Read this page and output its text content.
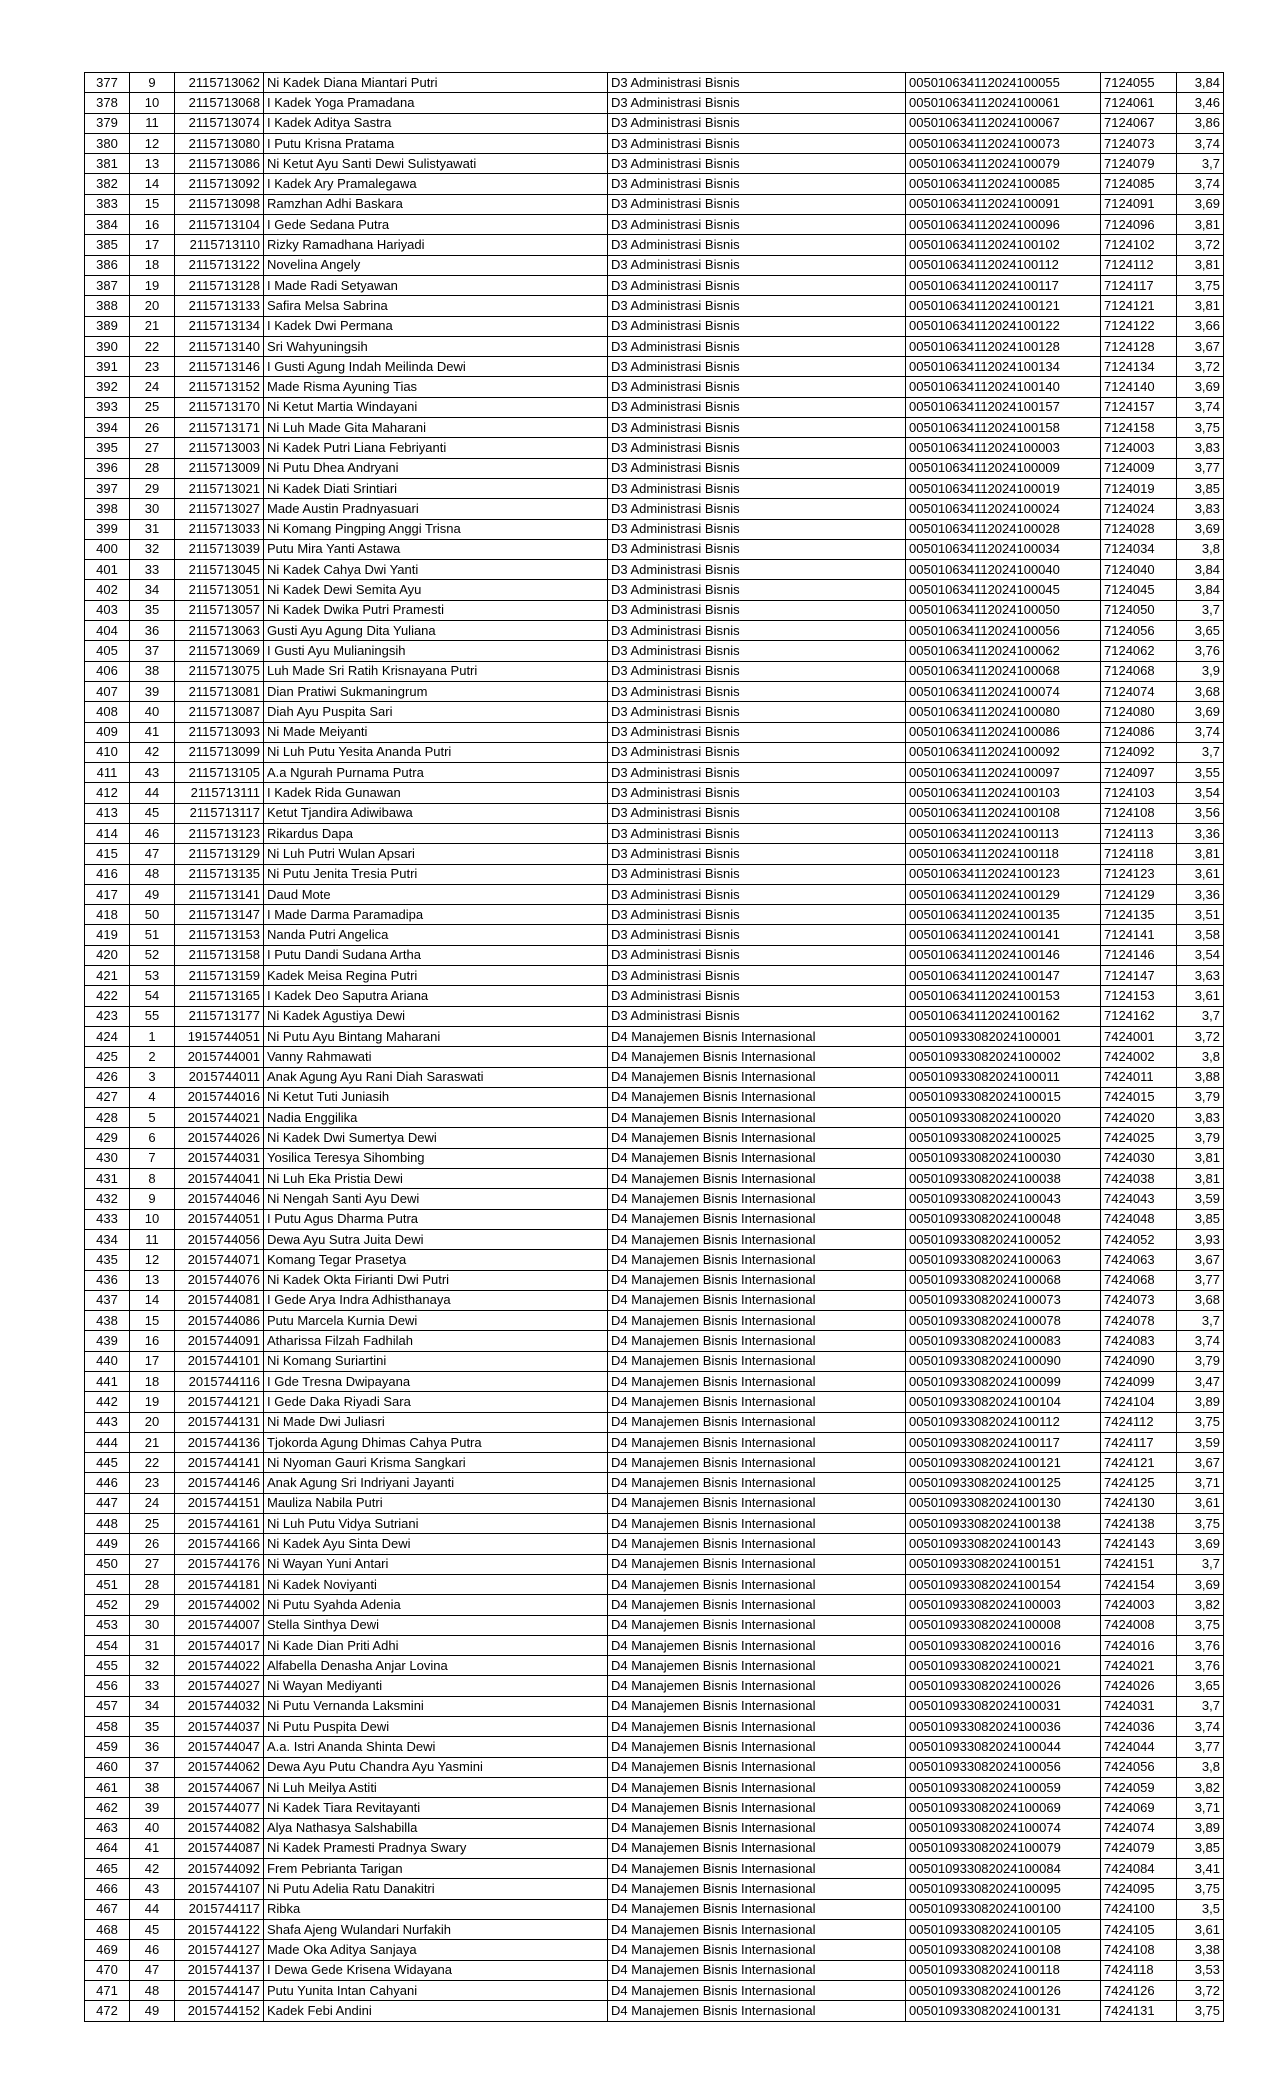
377	9	2115713062	Ni Kadek Diana Miantari Putri	D3 Administrasi Bisnis	005010634112024100055	7124055	3,84
378	10	2115713068	I Kadek Yoga Pramadana	D3 Administrasi Bisnis	005010634112024100061	7124061	3,46
379	11	2115713074	I Kadek Aditya Sastra	D3 Administrasi Bisnis	005010634112024100067	7124067	3,86
380	12	2115713080	I Putu Krisna Pratama	D3 Administrasi Bisnis	005010634112024100073	7124073	3,74
381	13	2115713086	Ni Ketut Ayu Santi Dewi Sulistyawati	D3 Administrasi Bisnis	005010634112024100079	7124079	3,7
382	14	2115713092	I Kadek Ary Pramalegawa	D3 Administrasi Bisnis	005010634112024100085	7124085	3,74
383	15	2115713098	Ramzhan Adhi Baskara	D3 Administrasi Bisnis	005010634112024100091	7124091	3,69
384	16	2115713104	I Gede Sedana Putra	D3 Administrasi Bisnis	005010634112024100096	7124096	3,81
385	17	2115713110	Rizky Ramadhana Hariyadi	D3 Administrasi Bisnis	005010634112024100102	7124102	3,72
386	18	2115713122	Novelina Angely	D3 Administrasi Bisnis	005010634112024100112	7124112	3,81
387	19	2115713128	I Made Radi Setyawan	D3 Administrasi Bisnis	005010634112024100117	7124117	3,75
388	20	2115713133	Safira Melsa Sabrina	D3 Administrasi Bisnis	005010634112024100121	7124121	3,81
389	21	2115713134	I Kadek Dwi Permana	D3 Administrasi Bisnis	005010634112024100122	7124122	3,66
390	22	2115713140	Sri Wahyuningsih	D3 Administrasi Bisnis	005010634112024100128	7124128	3,67
391	23	2115713146	I Gusti Agung Indah Meilinda Dewi	D3 Administrasi Bisnis	005010634112024100134	7124134	3,72
392	24	2115713152	Made Risma Ayuning Tias	D3 Administrasi Bisnis	005010634112024100140	7124140	3,69
393	25	2115713170	Ni Ketut Martia Windayani	D3 Administrasi Bisnis	005010634112024100157	7124157	3,74
394	26	2115713171	Ni Luh Made Gita Maharani	D3 Administrasi Bisnis	005010634112024100158	7124158	3,75
395	27	2115713003	Ni Kadek Putri Liana Febriyanti	D3 Administrasi Bisnis	005010634112024100003	7124003	3,83
396	28	2115713009	Ni Putu Dhea Andryani	D3 Administrasi Bisnis	005010634112024100009	7124009	3,77
397	29	2115713021	Ni Kadek Diati Srintiari	D3 Administrasi Bisnis	005010634112024100019	7124019	3,85
398	30	2115713027	Made Austin Pradnyasuari	D3 Administrasi Bisnis	005010634112024100024	7124024	3,83
399	31	2115713033	Ni Komang Pingping Anggi Trisna	D3 Administrasi Bisnis	005010634112024100028	7124028	3,69
400	32	2115713039	Putu Mira Yanti Astawa	D3 Administrasi Bisnis	005010634112024100034	7124034	3,8
401	33	2115713045	Ni Kadek Cahya Dwi Yanti	D3 Administrasi Bisnis	005010634112024100040	7124040	3,84
402	34	2115713051	Ni Kadek Dewi Semita Ayu	D3 Administrasi Bisnis	005010634112024100045	7124045	3,84
403	35	2115713057	Ni Kadek Dwika Putri Pramesti	D3 Administrasi Bisnis	005010634112024100050	7124050	3,7
404	36	2115713063	Gusti Ayu Agung Dita Yuliana	D3 Administrasi Bisnis	005010634112024100056	7124056	3,65
405	37	2115713069	I Gusti Ayu Mulianingsih	D3 Administrasi Bisnis	005010634112024100062	7124062	3,76
406	38	2115713075	Luh Made Sri Ratih Krisnayana Putri	D3 Administrasi Bisnis	005010634112024100068	7124068	3,9
407	39	2115713081	Dian Pratiwi Sukmaningrum	D3 Administrasi Bisnis	005010634112024100074	7124074	3,68
408	40	2115713087	Diah Ayu Puspita Sari	D3 Administrasi Bisnis	005010634112024100080	7124080	3,69
409	41	2115713093	Ni Made Meiyanti	D3 Administrasi Bisnis	005010634112024100086	7124086	3,74
410	42	2115713099	Ni Luh Putu Yesita Ananda Putri	D3 Administrasi Bisnis	005010634112024100092	7124092	3,7
411	43	2115713105	A.a Ngurah Purnama Putra	D3 Administrasi Bisnis	005010634112024100097	7124097	3,55
412	44	2115713111	I Kadek Rida Gunawan	D3 Administrasi Bisnis	005010634112024100103	7124103	3,54
413	45	2115713117	Ketut Tjandira Adiwibawa	D3 Administrasi Bisnis	005010634112024100108	7124108	3,56
414	46	2115713123	Rikardus Dapa	D3 Administrasi Bisnis	005010634112024100113	7124113	3,36
415	47	2115713129	Ni Luh Putri Wulan Apsari	D3 Administrasi Bisnis	005010634112024100118	7124118	3,81
416	48	2115713135	Ni Putu Jenita Tresia Putri	D3 Administrasi Bisnis	005010634112024100123	7124123	3,61
417	49	2115713141	Daud Mote	D3 Administrasi Bisnis	005010634112024100129	7124129	3,36
418	50	2115713147	I Made Darma Paramadipa	D3 Administrasi Bisnis	005010634112024100135	7124135	3,51
419	51	2115713153	Nanda Putri Angelica	D3 Administrasi Bisnis	005010634112024100141	7124141	3,58
420	52	2115713158	I Putu Dandi Sudana Artha	D3 Administrasi Bisnis	005010634112024100146	7124146	3,54
421	53	2115713159	Kadek Meisa Regina Putri	D3 Administrasi Bisnis	005010634112024100147	7124147	3,63
422	54	2115713165	I Kadek Deo Saputra Ariana	D3 Administrasi Bisnis	005010634112024100153	7124153	3,61
423	55	2115713177	Ni Kadek Agustiya Dewi	D3 Administrasi Bisnis	005010634112024100162	7124162	3,7
424	1	1915744051	Ni Putu Ayu Bintang Maharani	D4 Manajemen Bisnis Internasional	005010933082024100001	7424001	3,72
425	2	2015744001	Vanny Rahmawati	D4 Manajemen Bisnis Internasional	005010933082024100002	7424002	3,8
426	3	2015744011	Anak Agung Ayu Rani Diah Saraswati	D4 Manajemen Bisnis Internasional	005010933082024100011	7424011	3,88
427	4	2015744016	Ni Ketut Tuti Juniasih	D4 Manajemen Bisnis Internasional	005010933082024100015	7424015	3,79
428	5	2015744021	Nadia Enggilika	D4 Manajemen Bisnis Internasional	005010933082024100020	7424020	3,83
429	6	2015744026	Ni Kadek Dwi Sumertya Dewi	D4 Manajemen Bisnis Internasional	005010933082024100025	7424025	3,79
430	7	2015744031	Yosilica Teresya Sihombing	D4 Manajemen Bisnis Internasional	005010933082024100030	7424030	3,81
431	8	2015744041	Ni Luh Eka Pristia Dewi	D4 Manajemen Bisnis Internasional	005010933082024100038	7424038	3,81
432	9	2015744046	Ni Nengah Santi Ayu Dewi	D4 Manajemen Bisnis Internasional	005010933082024100043	7424043	3,59
433	10	2015744051	I Putu Agus Dharma Putra	D4 Manajemen Bisnis Internasional	005010933082024100048	7424048	3,85
434	11	2015744056	Dewa Ayu Sutra Juita Dewi	D4 Manajemen Bisnis Internasional	005010933082024100052	7424052	3,93
435	12	2015744071	Komang Tegar Prasetya	D4 Manajemen Bisnis Internasional	005010933082024100063	7424063	3,67
436	13	2015744076	Ni Kadek Okta Firianti Dwi Putri	D4 Manajemen Bisnis Internasional	005010933082024100068	7424068	3,77
437	14	2015744081	I Gede Arya Indra Adhisthanaya	D4 Manajemen Bisnis Internasional	005010933082024100073	7424073	3,68
438	15	2015744086	Putu Marcela Kurnia Dewi	D4 Manajemen Bisnis Internasional	005010933082024100078	7424078	3,7
439	16	2015744091	Atharissa Filzah Fadhilah	D4 Manajemen Bisnis Internasional	005010933082024100083	7424083	3,74
440	17	2015744101	Ni Komang Suriartini	D4 Manajemen Bisnis Internasional	005010933082024100090	7424090	3,79
441	18	2015744116	I Gde Tresna Dwipayana	D4 Manajemen Bisnis Internasional	005010933082024100099	7424099	3,47
442	19	2015744121	I Gede Daka Riyadi Sara	D4 Manajemen Bisnis Internasional	005010933082024100104	7424104	3,89
443	20	2015744131	Ni Made Dwi Juliasri	D4 Manajemen Bisnis Internasional	005010933082024100112	7424112	3,75
444	21	2015744136	Tjokorda Agung Dhimas Cahya Putra	D4 Manajemen Bisnis Internasional	005010933082024100117	7424117	3,59
445	22	2015744141	Ni Nyoman Gauri Krisma Sangkari	D4 Manajemen Bisnis Internasional	005010933082024100121	7424121	3,67
446	23	2015744146	Anak Agung Sri Indriyani Jayanti	D4 Manajemen Bisnis Internasional	005010933082024100125	7424125	3,71
447	24	2015744151	Mauliza Nabila Putri	D4 Manajemen Bisnis Internasional	005010933082024100130	7424130	3,61
448	25	2015744161	Ni Luh Putu Vidya Sutriani	D4 Manajemen Bisnis Internasional	005010933082024100138	7424138	3,75
449	26	2015744166	Ni Kadek Ayu Sinta Dewi	D4 Manajemen Bisnis Internasional	005010933082024100143	7424143	3,69
450	27	2015744176	Ni Wayan Yuni Antari	D4 Manajemen Bisnis Internasional	005010933082024100151	7424151	3,7
451	28	2015744181	Ni Kadek Noviyanti	D4 Manajemen Bisnis Internasional	005010933082024100154	7424154	3,69
452	29	2015744002	Ni Putu Syahda Adenia	D4 Manajemen Bisnis Internasional	005010933082024100003	7424003	3,82
453	30	2015744007	Stella Sinthya Dewi	D4 Manajemen Bisnis Internasional	005010933082024100008	7424008	3,75
454	31	2015744017	Ni Kade Dian Priti Adhi	D4 Manajemen Bisnis Internasional	005010933082024100016	7424016	3,76
455	32	2015744022	Alfabella Denasha Anjar Lovina	D4 Manajemen Bisnis Internasional	005010933082024100021	7424021	3,76
456	33	2015744027	Ni Wayan Mediyanti	D4 Manajemen Bisnis Internasional	005010933082024100026	7424026	3,65
457	34	2015744032	Ni Putu Vernanda Laksmini	D4 Manajemen Bisnis Internasional	005010933082024100031	7424031	3,7
458	35	2015744037	Ni Putu Puspita Dewi	D4 Manajemen Bisnis Internasional	005010933082024100036	7424036	3,74
459	36	2015744047	A.a. Istri Ananda Shinta Dewi	D4 Manajemen Bisnis Internasional	005010933082024100044	7424044	3,77
460	37	2015744062	Dewa Ayu Putu Chandra Ayu Yasmini	D4 Manajemen Bisnis Internasional	005010933082024100056	7424056	3,8
461	38	2015744067	Ni Luh Meilya Astiti	D4 Manajemen Bisnis Internasional	005010933082024100059	7424059	3,82
462	39	2015744077	Ni Kadek Tiara Revitayanti	D4 Manajemen Bisnis Internasional	005010933082024100069	7424069	3,71
463	40	2015744082	Alya Nathasya Salshabilla	D4 Manajemen Bisnis Internasional	005010933082024100074	7424074	3,89
464	41	2015744087	Ni Kadek Pramesti Pradnya Swary	D4 Manajemen Bisnis Internasional	005010933082024100079	7424079	3,85
465	42	2015744092	Frem Pebrianta Tarigan	D4 Manajemen Bisnis Internasional	005010933082024100084	7424084	3,41
466	43	2015744107	Ni Putu Adelia Ratu Danakitri	D4 Manajemen Bisnis Internasional	005010933082024100095	7424095	3,75
467	44	2015744117	Ribka	D4 Manajemen Bisnis Internasional	005010933082024100100	7424100	3,5
468	45	2015744122	Shafa Ajeng Wulandari Nurfakih	D4 Manajemen Bisnis Internasional	005010933082024100105	7424105	3,61
469	46	2015744127	Made Oka Aditya Sanjaya	D4 Manajemen Bisnis Internasional	005010933082024100108	7424108	3,38
470	47	2015744137	I Dewa Gede Krisena Widayana	D4 Manajemen Bisnis Internasional	005010933082024100118	7424118	3,53
471	48	2015744147	Putu Yunita Intan Cahyani	D4 Manajemen Bisnis Internasional	005010933082024100126	7424126	3,72
472	49	2015744152	Kadek Febi Andini	D4 Manajemen Bisnis Internasional	005010933082024100131	7424131	3,75
